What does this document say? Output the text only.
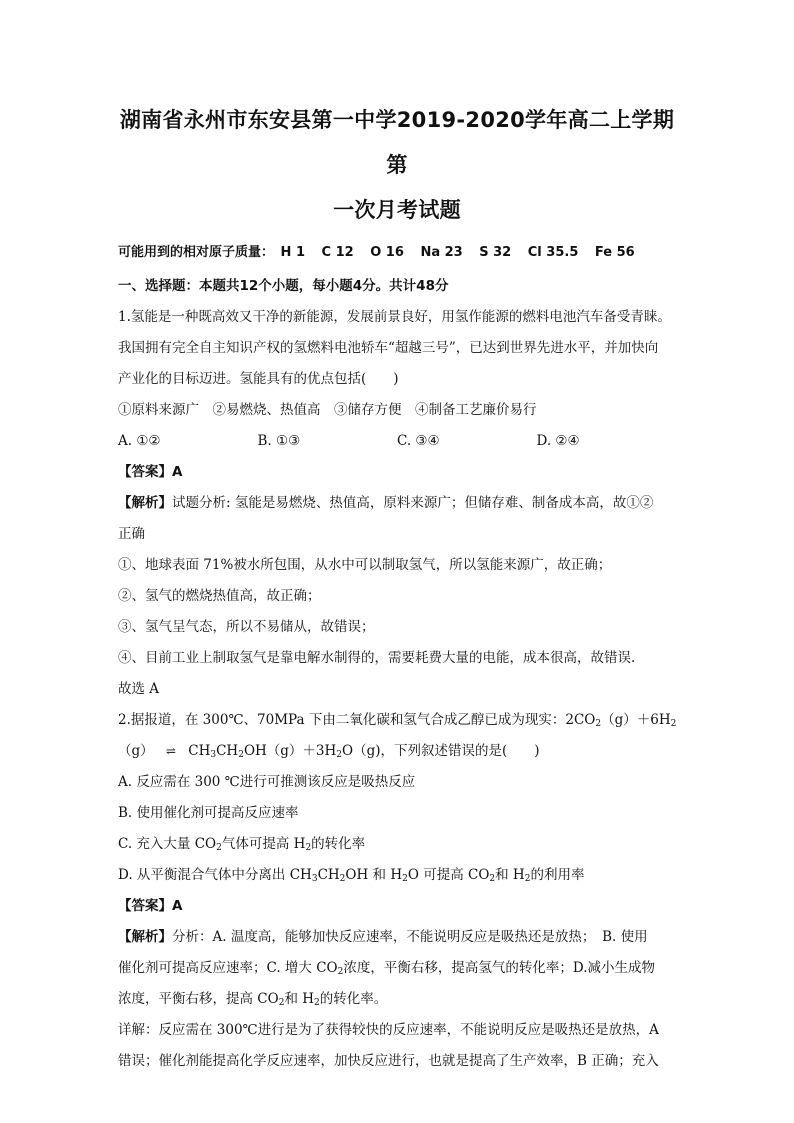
湖南省永州市东安县第一中学2019-2020学年高二上学期第
一次月考试题
可能用到的相对原子质量： H 1 C 12 O 16 Na 23 S 32 Cl 35.5 Fe 56
一、选择题：本题共12个小题，每小题4分。共计48分
1.氢能是一种既高效又干净的新能源，发展前景良好，用氢作能源的燃料电池汽车备受青睐。
我国拥有完全自主知识产权的氢燃料电池轿车“超越三号”，已达到世界先进水平，并加快向
产业化的目标迈进。氢能具有的优点包括(　　)
①原料来源广　②易燃烧、热值高　③储存方便　④制备工艺廉价易行
A. ①②	B. ①③	C. ③④	D. ②④
【答案】A
【解析】试题分析: 氢能是易燃烧、热值高，原料来源广；但储存难、制备成本高，故①②
正确
①、地球表面 71%被水所包围，从水中可以制取氢气，所以氢能来源广，故正确；
②、氢气的燃烧热值高，故正确；
③、氢气呈气态，所以不易储从，故错误；
④、目前工业上制取氢气是靠电解水制得的，需要耗费大量的电能，成本很高，故错误.
故选 A
2.据报道，在 300℃、70MPa 下由二氧化碳和氢气合成乙醇已成为现实：$2CO_2(g)+6H_2$
（g） ⇌ $CH_3CH_2OH(g)+3H_2O(g)$，下列叙述错误的是(　　)
A. 反应需在 300 ℃进行可推测该反应是吸热反应
B. 使用催化剂可提高反应速率
C. 充入大量 $CO_2$气体可提高 $H_2$的转化率
D. 从平衡混合气体中分离出 $CH_3CH_2OH$ 和 $H_2O$ 可提高 $CO_2$和 $H_2$的利用率
【答案】A
【解析】分析：A. 温度高，能够加快反应速率，不能说明反应是吸热还是放热；　B. 使用
催化剂可提高反应速率；C. 增大 $CO_2$浓度，平衡右移，提高氢气的转化率；D.减小生成物
浓度，平衡右移，提高 $CO_2$和 $H_2$的转化率。
详解：反应需在 300℃进行是为了获得较快的反应速率，不能说明反应是吸热还是放热，A
错误；催化剂能提高化学反应速率，加快反应进行，也就是提高了生产效率，B 正确；充入
